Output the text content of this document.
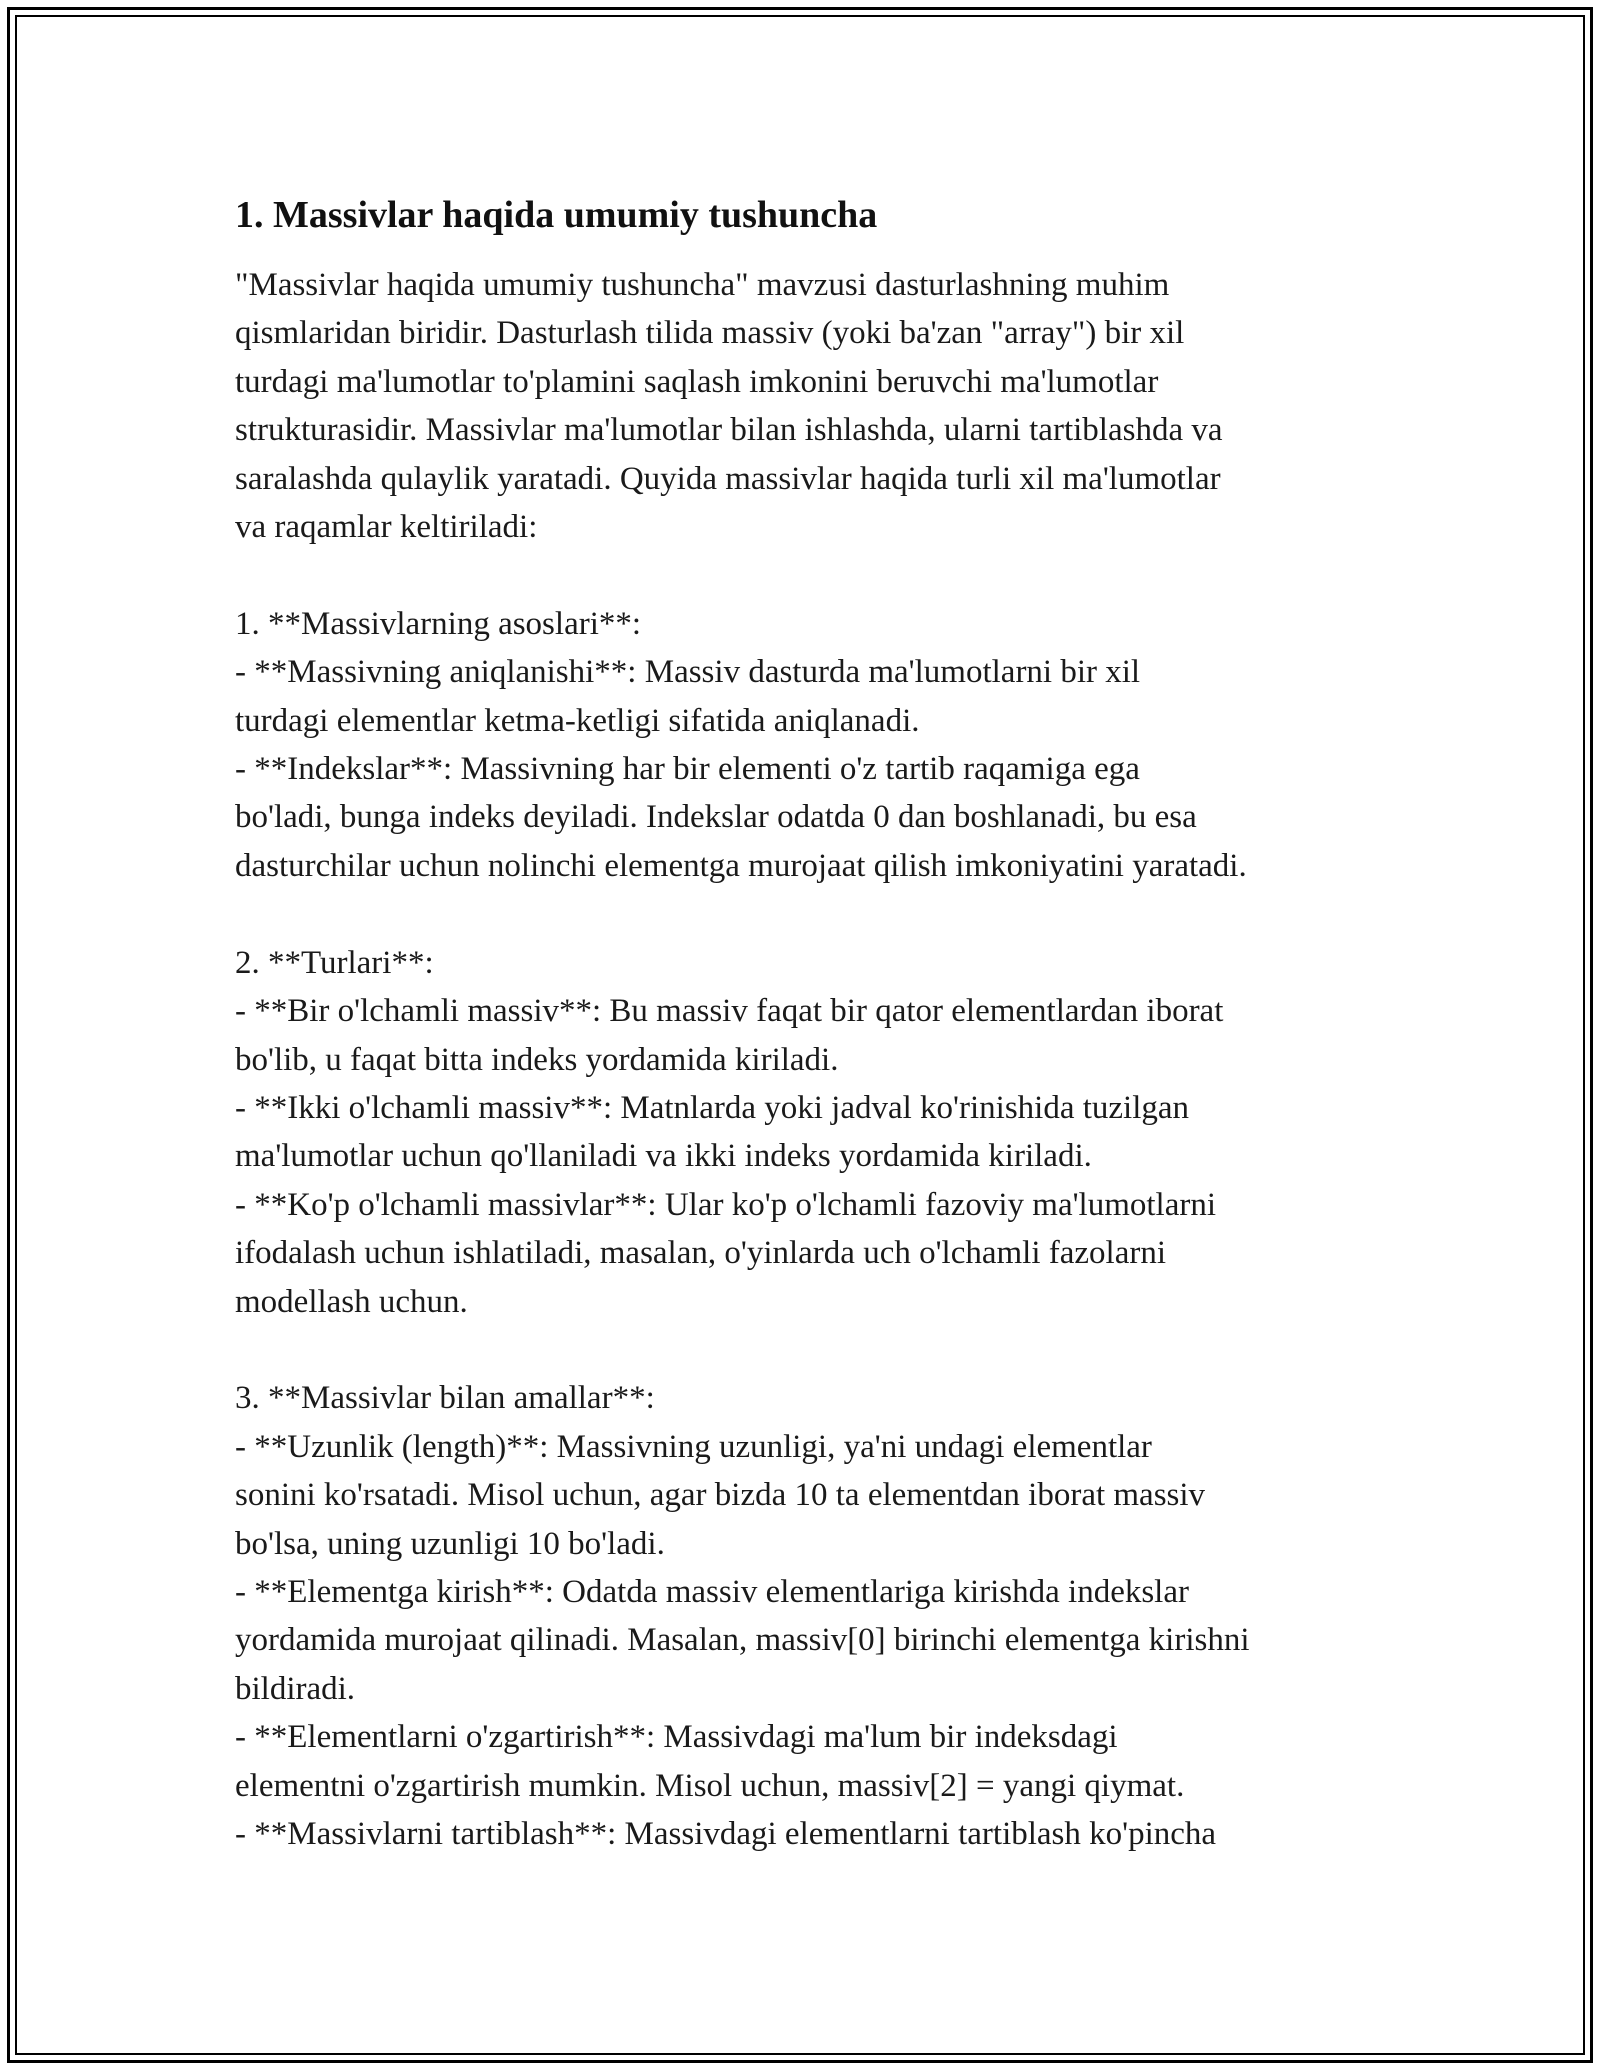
1. Massivlar haqida umumiy tushuncha
"Massivlar haqida umumiy tushuncha" mavzusi dasturlashning muhim
qismlaridan biridir. Dasturlash tilida massiv (yoki ba'zan "array") bir xil
turdagi ma'lumotlar to'plamini saqlash imkonini beruvchi ma'lumotlar
strukturasidir. Massivlar ma'lumotlar bilan ishlashda, ularni tartiblashda va
saralashda qulaylik yaratadi. Quyida massivlar haqida turli xil ma'lumotlar
va raqamlar keltiriladi:

1. **Massivlarning asoslari**:
- **Massivning aniqlanishi**: Massiv dasturda ma'lumotlarni bir xil
turdagi elementlar ketma-ketligi sifatida aniqlanadi.
- **Indekslar**: Massivning har bir elementi o'z tartib raqamiga ega
bo'ladi, bunga indeks deyiladi. Indekslar odatda 0 dan boshlanadi, bu esa
dasturchilar uchun nolinchi elementga murojaat qilish imkoniyatini yaratadi.

2. **Turlari**:
- **Bir o'lchamli massiv**: Bu massiv faqat bir qator elementlardan iborat
bo'lib, u faqat bitta indeks yordamida kiriladi.
- **Ikki o'lchamli massiv**: Matnlarda yoki jadval ko'rinishida tuzilgan
ma'lumotlar uchun qo'llaniladi va ikki indeks yordamida kiriladi.
- **Ko'p o'lchamli massivlar**: Ular ko'p o'lchamli fazoviy ma'lumotlarni
ifodalash uchun ishlatiladi, masalan, o'yinlarda uch o'lchamli fazolarni
modellash uchun.

3. **Massivlar bilan amallar**:
- **Uzunlik (length)**: Massivning uzunligi, ya'ni undagi elementlar
sonini ko'rsatadi. Misol uchun, agar bizda 10 ta elementdan iborat massiv
bo'lsa, uning uzunligi 10 bo'ladi.
- **Elementga kirish**: Odatda massiv elementlariga kirishda indekslar
yordamida murojaat qilinadi. Masalan, massiv[0] birinchi elementga kirishni
bildiradi.
- **Elementlarni o'zgartirish**: Massivdagi ma'lum bir indeksdagi
elementni o'zgartirish mumkin. Misol uchun, massiv[2] = yangi qiymat.
- **Massivlarni tartiblash**: Massivdagi elementlarni tartiblash ko'pincha
